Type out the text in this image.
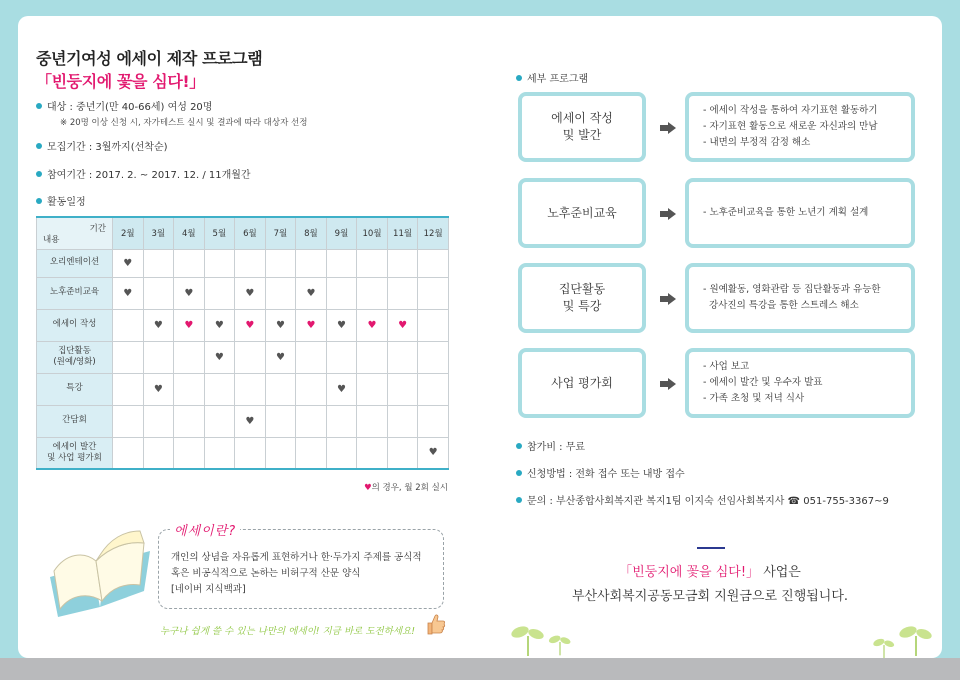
중년기여성 에세이 제작 프로그램 「빈둥지에 꽃을 심다!」
대상 : 중년기(만 40-66세) 여성 20명
※ 20명 이상 신청 시, 자가테스트 실시 및 결과에 따라 대상자 선정
모집기간 : 3월까지(선착순)
참여기간 : 2017. 2. ~ 2017. 12. / 11개월간
활동일정
기간
내용	2월	3월	4월	5월	6월	7월	8월	9월	10월	11월	12월
오리엔테이션	♥										
노후준비교육	♥		♥		♥		♥				
에세이 작성		♥	♥	♥	♥	♥	♥	♥	♥	♥	
집단활동
(원예/영화)				♥		♥					
특강		♥						♥			
간담회					♥						
에세이 발간
및 사업 평가회											♥
♥의 경우, 월 2회 실시
개인의 상념을 자유롭게 표현하거나 한·두가지 주제를 공식적
혹은 비공식적으로 논하는 비허구적 산문 양식
[네이버 지식백과]
에세이란?
누구나 쉽게 쓸 수 있는 나만의 에세이! 지금 바로 도전하세요!
세부 프로그램
에세이 작성
및 발간
- 에세이 작성을 통하여 자기표현 활동하기
- 자기표현 활동으로 새로운 자신과의 만남
- 내면의 부정적 감정 해소
노후준비교육	- 노후준비교육을 통한 노년기 계획 설계
집단활동
및 특강
- 원예활동, 영화관람 등 집단활동과 유능한
강사진의 특강을 통한 스트레스 해소
사업 평가회
- 사업 보고
- 에세이 발간 및 우수자 발표
- 가족 초청 및 저녁 식사
참가비 : 무료
신청방법 : 전화 접수 또는 내방 접수
문의 : 부산종합사회복지관 복지1팀 이지숙 선임사회복지사 ☎ 051-755-3367~9
「빈둥지에 꽃을 심다!」 사업은
부산사회복지공동모금회 지원금으로 진행됩니다.
